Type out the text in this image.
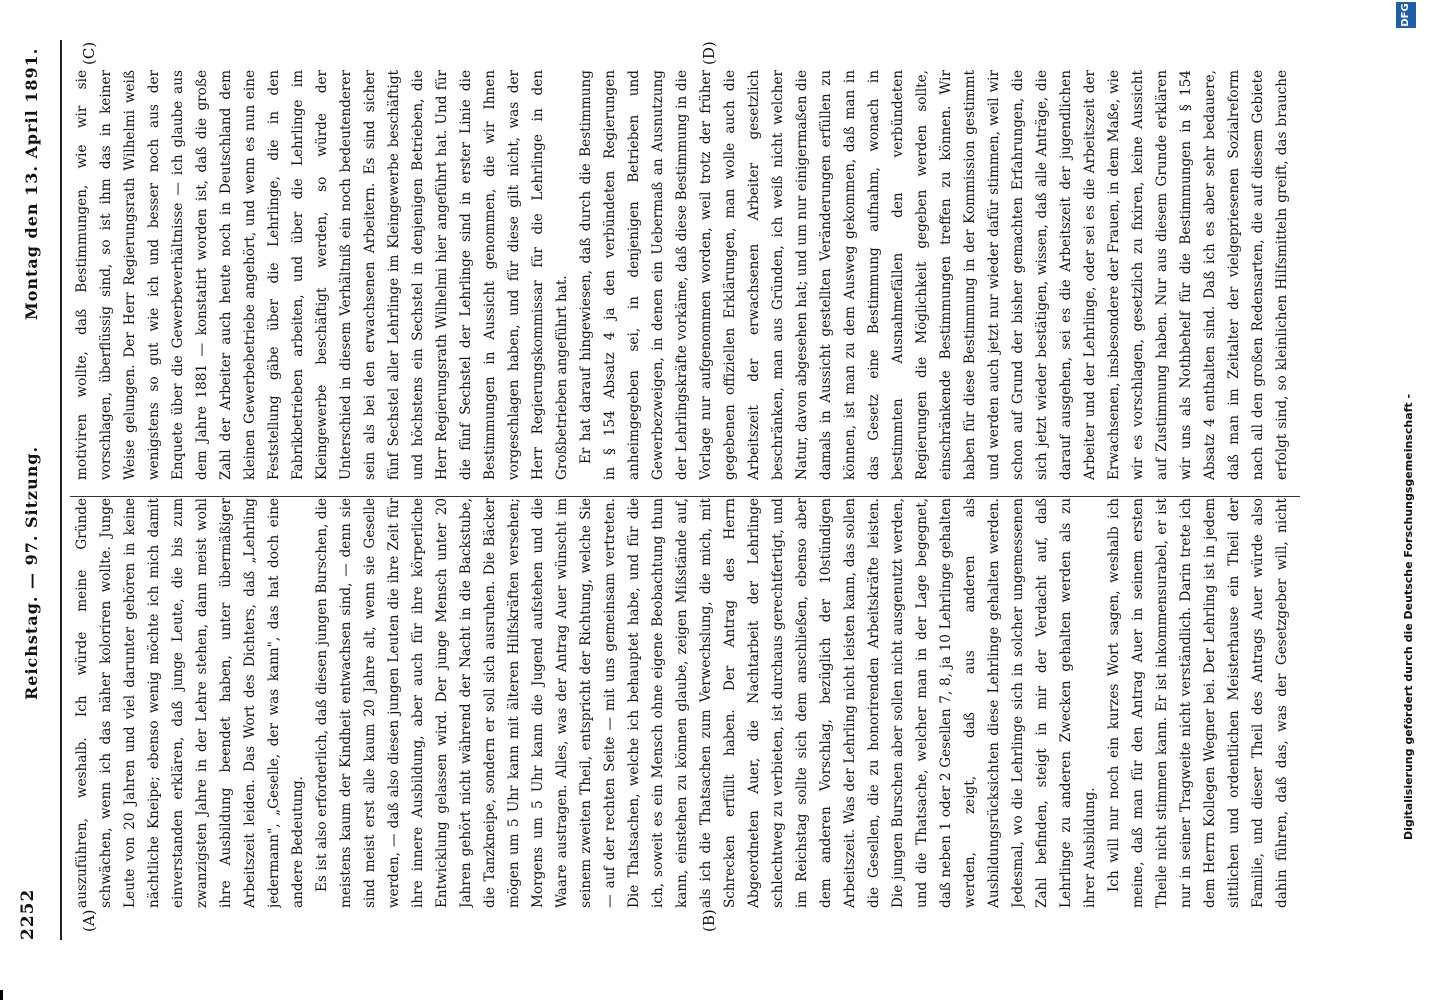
2252
Reichstag. — 97. Sitzung.
Montag den 13. April 1891.
(A)	(B)
(C)	(D)

auszuführen, weshalb. Ich würde meine Gründe schwächen, wenn ich das näher koloriren wollte. Junge Leute von 20 Jahren und viel darunter gehören in keine nächtliche Kneipe; ebenso wenig möchte ich mich damit einverstanden erklären, daß junge Leute, die bis zum zwanzigsten Jahre in der Lehre stehen, dann meist wohl ihre Ausbildung beendet haben, unter übermäßiger Arbeitszeit leiden. Das Wort des Dichters, daß „Lehrling jedermann", „Geselle, der was kann", das hat doch eine andere Bedeutung. Es ist also erforderlich, daß diesen jungen Burschen, die meistens kaum der Kindheit entwachsen sind, — denn sie sind meist erst alle kaum 20 Jahre alt, wenn sie Geselle werden, — daß also diesen jungen Leuten die ihre Zeit für ihre innere Ausbildung, aber auch für ihre körperliche Entwicklung gelassen wird. Der junge Mensch unter 20 Jahren gehört nicht während der Nacht in die Backstube, die Tanzkneipe, sondern er soll sich ausruhen. Die Bäcker mögen um 5 Uhr kann mit älteren Hilfskräften versehen; Morgens um 5 Uhr kann die Jugend aufstehen und die Waare austragen. Alles, was der Antrag Auer wünscht im seinem zweiten Theil, entspricht der Richtung, welche Sie — auf der rechten Seite — mit uns gemeinsam vertreten. Die Thatsachen, welche ich behauptet habe, und für die ich, soweit es ein Mensch ohne eigene Beobachtung thun kann, einstehen zu können glaube, zeigen Mißstände auf, als ich die Thatsachen zum Verwechslung, die mich, mit Schrecken erfüllt haben. Der Antrag des Herrn Abgeordneten Auer, die Nachtarbeit der Lehrlinge schlechtweg zu verbieten, ist durchaus gerechtfertigt, und im Reichstag sollte sich dem anschließen, ebenso aber dem anderen Vorschlag, bezüglich der 10stündigen Arbeitszeit. Was der Lehrling nicht leisten kann, das sollen die Gesellen, die zu honorirenden Arbeitskräfte leisten. Die jungen Burschen aber sollen nicht ausgenutzt werden, und die Thatsache, welcher man in der Lage begegnet, daß neben 1 oder 2 Gesellen 7, 8, ja 10 Lehrlinge gehalten werden, zeigt, daß aus anderen als Ausbildungsrücksichten diese Lehrlinge gehalten werden. Jedesmal, wo die Lehrlinge sich in solcher ungemessenen Zahl befinden, steigt in mir der Verdacht auf, daß Lehrlinge zu anderen Zwecken gehalten werden als zu ihrer Ausbildung. Ich will nur noch ein kurzes Wort sagen, weshalb ich meine, daß man für den Antrag Auer in seinem ersten Theile nicht stimmen kann. Er ist inkommensurabel, er ist nur in seiner Tragweite nicht verständlich. Darin trete ich dem Herrn Kollegen Wegner bei. Der Lehrling ist in jedem sittlichen und ordentlichen Meisterhause ein Theil der Familie, und dieser Theil des Antrags Auer würde also dahin führen, daß das, was der Gesetzgeber will, nicht

motiviren wollte, daß Bestimmungen, wie wir sie vorschlagen, überflüssig sind, so ist ihm das in keiner Weise gelungen. Der Herr Regierungsrath Wilhelmi weiß wenigstens so gut wie ich und besser noch aus der Enquete über die Gewerbeverhältnisse — ich glaube aus dem Jahre 1881 — konstatirt worden ist, daß die große Zahl der Arbeiter auch heute noch in Deutschland dem kleinen Gewerbebetriebe angehört, und wenn es nun eine Feststellung gäbe über die Lehrlinge, die in den Fabrikbetrieben arbeiten, und über die Lehrlinge im Kleingewerbe beschäftigt werden, so würde der Unterschied in diesem Verhältniß ein noch bedeutenderer sein als bei den erwachsenen Arbeitern. Es sind sicher fünf Sechstel aller Lehrlinge im Kleingewerbe beschäftigt und höchstens ein Sechstel in denjenigen Betrieben, die Herr Regierungsrath Wilhelmi hier angeführt hat. Und für die fünf Sechstel der Lehrlinge sind in erster Linie die Bestimmungen in Aussicht genommen, die wir Ihnen vorgeschlagen haben, und für diese gilt nicht, was der Herr Regierungskommissar für die Lehrlinge in den Großbetrieben angeführt hat. Er hat darauf hingewiesen, daß durch die Bestimmung in § 154 Absatz 4 ja den verbündeten Regierungen anheimgegeben sei, in denjenigen Betrieben und Gewerbezweigen, in denen ein Uebermaß an Ausnutzung der Lehrlingskräfte vorkäme, daß diese Bestimmung in die Vorlage nur aufgenommen worden, weil trotz der früher gegebenen offiziellen Erklärungen, man wolle auch die Arbeitszeit der erwachsenen Arbeiter gesetzlich beschränken, man aus Gründen, ich weiß nicht welcher Natur, davon abgesehen hat; und um nur einigermaßen die damals in Aussicht gestellten Veränderungen erfüllen zu können, ist man zu dem Ausweg gekommen, daß man in das Gesetz eine Bestimmung aufnahm, wonach in bestimmten Ausnahmefällen den verbündeten Regierungen die Möglichkeit gegeben werden sollte, einschränkende Bestimmungen treffen zu können. Wir haben für diese Bestimmung in der Kommission gestimmt und werden auch jetzt nur wieder dafür stimmen, weil wir schon auf Grund der bisher gemachten Erfahrungen, die sich jetzt wieder bestätigen, wissen, daß alle Anträge, die darauf ausgehen, sei es die Arbeitszeit der jugendlichen Arbeiter und der Lehrlinge, oder sei es die Arbeitszeit der Erwachsenen, insbesondere der Frauen, in dem Maße, wie wir es vorschlagen, gesetzlich zu fixiren, keine Aussicht auf Zustimmung haben. Nur aus diesem Grunde erklären wir uns als Nothbehelf für die Bestimmungen in § 154 Absatz 4 enthalten sind. Daß ich es aber sehr bedauere, daß man im Zeitalter der vielgepriesenen Sozialreform nach all den großen Redensarten, die auf diesem Gebiete erfolgt sind, so kleinlichen Hilfsmitteln greift, das brauche

Digitalisierung gefördert durch die Deutsche Forschungsgemeinschaft -
DFG
